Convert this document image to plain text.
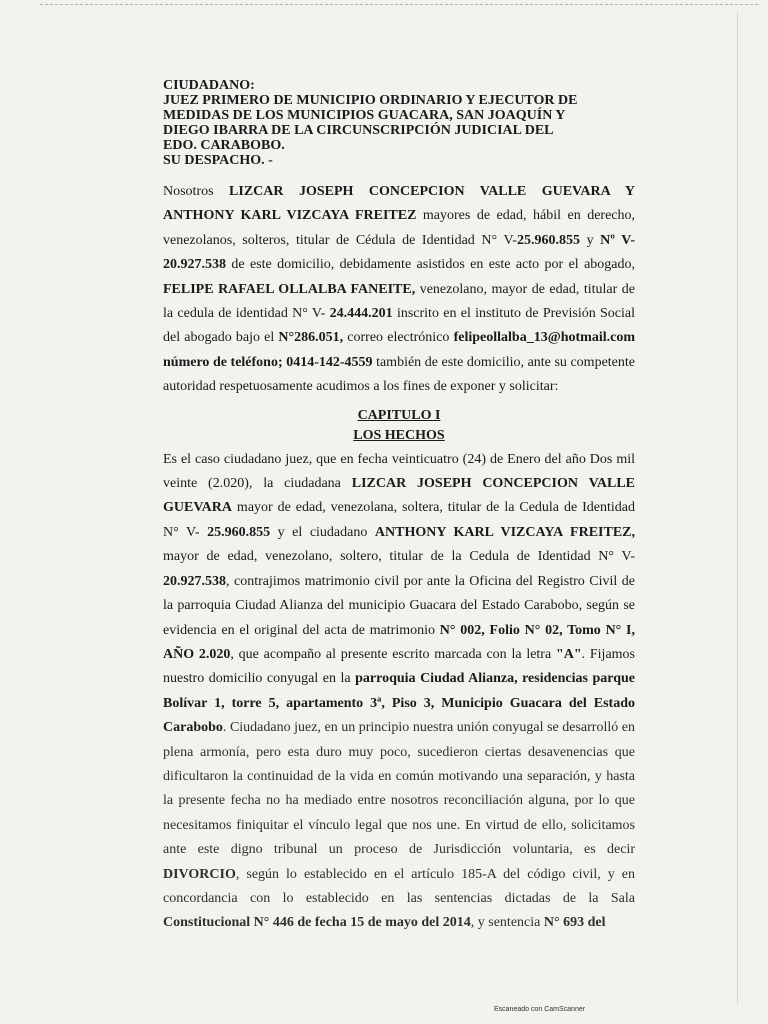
CIUDADANO:
JUEZ PRIMERO DE MUNICIPIO ORDINARIO Y EJECUTOR DE
MEDIDAS DE LOS MUNICIPIOS GUACARA, SAN JOAQUÍN Y
DIEGO IBARRA DE LA CIRCUNSCRIPCIÓN JUDICIAL DEL
EDO. CARABOBO.
SU DESPACHO. -

Nosotros LIZCAR JOSEPH CONCEPCION VALLE GUEVARA Y ANTHONY KARL VIZCAYA FREITEZ mayores de edad, hábil en derecho, venezolanos, solteros, titular de Cédula de Identidad N° V-25.960.855 y Nº V-20.927.538 de este domicilio, debidamente asistidos en este acto por el abogado, FELIPE RAFAEL OLLALBA FANEITE, venezolano, mayor de edad, titular de la cedula de identidad N° V- 24.444.201 inscrito en el instituto de Previsión Social del abogado bajo el N°286.051, correo electrónico felipeollalba_13@hotmail.com número de teléfono; 0414-142-4559 también de este domicilio, ante su competente autoridad respetuosamente acudimos a los fines de exponer y solicitar:

CAPITULO I
LOS HECHOS

Es el caso ciudadano juez, que en fecha veinticuatro (24) de Enero del año Dos mil veinte (2.020), la ciudadana LIZCAR JOSEPH CONCEPCION VALLE GUEVARA mayor de edad, venezolana, soltera, titular de la Cedula de Identidad N° V- 25.960.855 y el ciudadano ANTHONY KARL VIZCAYA FREITEZ, mayor de edad, venezolano, soltero, titular de la Cedula de Identidad N° V- 20.927.538, contrajimos matrimonio civil por ante la Oficina del Registro Civil de la parroquia Ciudad Alianza del municipio Guacara del Estado Carabobo, según se evidencia en el original del acta de matrimonio N° 002, Folio N° 02, Tomo N° I, AÑO 2.020, que acompaño al presente escrito marcada con la letra "A". Fijamos nuestro domicilio conyugal en la parroquia Ciudad Alianza, residencias parque Bolívar 1, torre 5, apartamento 3ª, Piso 3, Municipio Guacara del Estado Carabobo. Ciudadano juez, en un principio nuestra unión conyugal se desarrolló en plena armonía, pero esta duro muy poco, sucedieron ciertas desavenencias que dificultaron la continuidad de la vida en común motivando una separación, y hasta la presente fecha no ha mediado entre nosotros reconciliación alguna, por lo que necesitamos finiquitar el vínculo legal que nos une. En virtud de ello, solicitamos ante este digno tribunal un proceso de Jurisdicción voluntaria, es decir DIVORCIO, según lo establecido en el artículo 185-A del código civil, y en concordancia con lo establecido en las sentencias dictadas de la Sala Constitucional N° 446 de fecha 15 de mayo del 2014, y sentencia N° 693 del

Escaneado con CamScanner
